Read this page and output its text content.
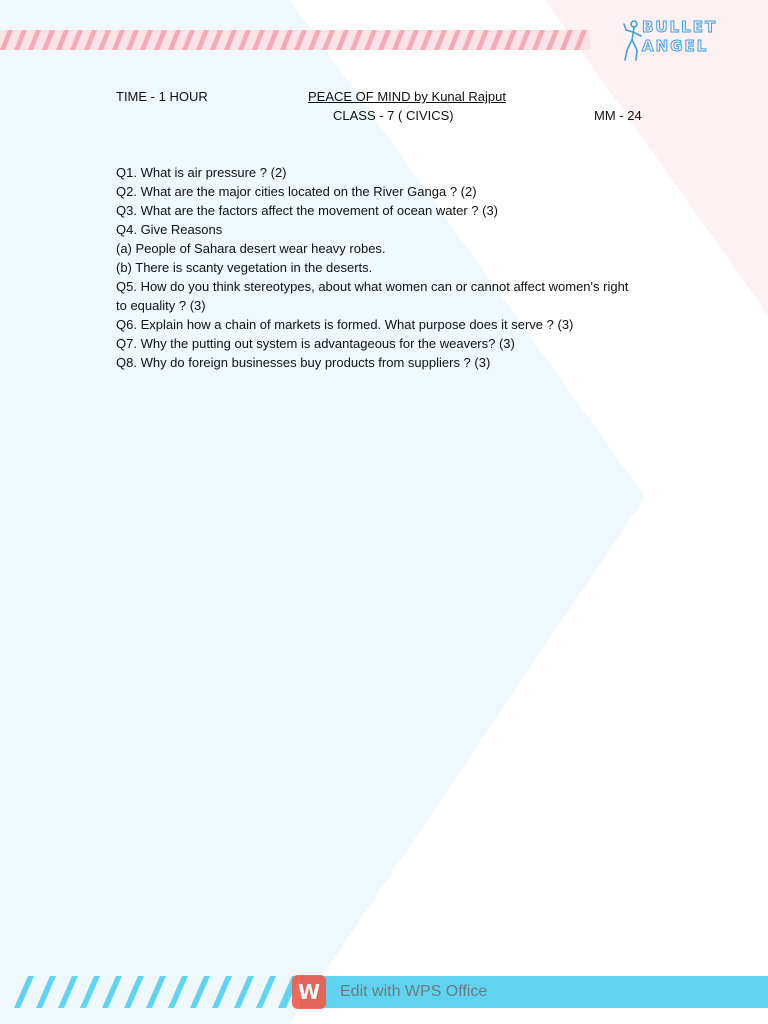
BULLET
ANGEL
TIME - 1 HOUR	PEACE OF MIND by Kunal Rajput
CLASS - 7 ( CIVICS)	MM - 24
Q1. What is air pressure ? (2)
Q2. What are the major cities located on the River Ganga ? (2)
Q3. What are the factors affect the movement of ocean water ? (3)
Q4. Give Reasons
(a) People of Sahara desert wear heavy robes.
(b) There is scanty vegetation in the deserts.
Q5. How do you think stereotypes, about what women can or cannot affect women's right
to equality ? (3)
Q6. Explain how a chain of markets is formed. What purpose does it serve ? (3)
Q7. Why the putting out system is advantageous for the weavers? (3)
Q8. Why do foreign businesses buy products from suppliers ? (3)
W	Edit with WPS Office
